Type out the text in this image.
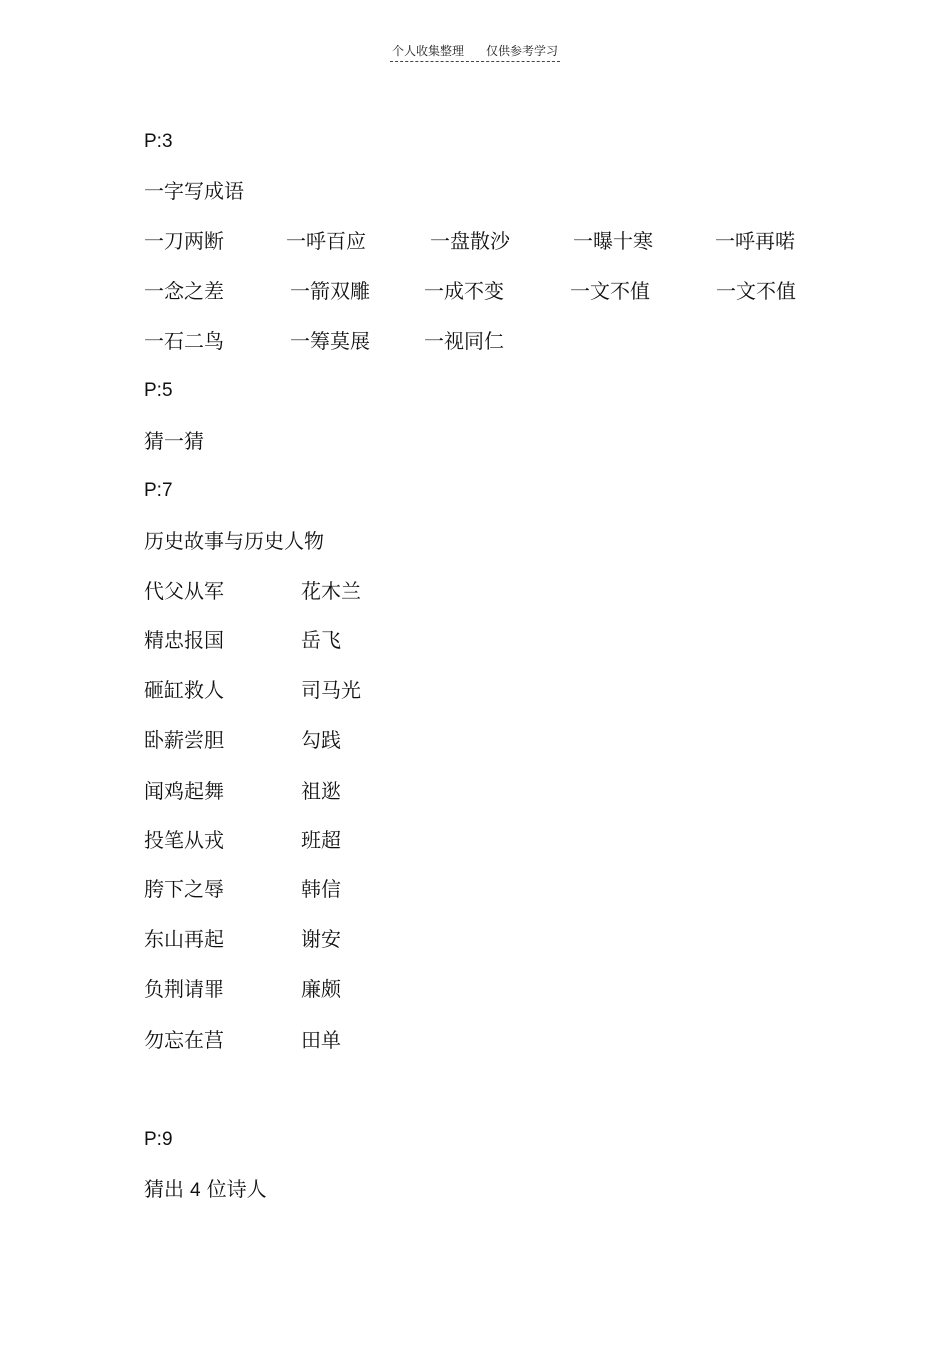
个人收集整理 仅供参考学习
P:3
一字写成语
一刀两断	一呼百应	一盘散沙	一曝十寒	一呼再喏
一念之差	一箭双雕	一成不变	一文不值	一文不值
一石二鸟	一筹莫展	一视同仁
P:5
猜一猜
P:7
历史故事与历史人物
代父从军	花木兰
精忠报国	岳飞
砸缸救人	司马光
卧薪尝胆	勾践
闻鸡起舞	祖逖
投笔从戎	班超
胯下之辱	韩信
东山再起	谢安
负荆请罪	廉颇
勿忘在莒	田单
P:9
猜出 4 位诗人
